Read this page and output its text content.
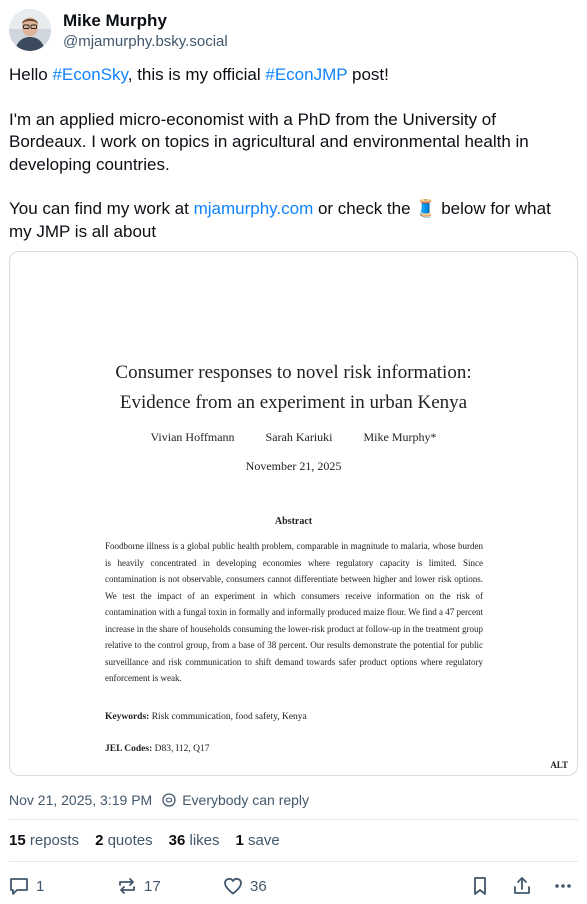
Mike Murphy
@mjamurphy.bsky.social

Hello #EconSky, this is my official #EconJMP post!

I'm an applied micro-economist with a PhD from the University of Bordeaux. I work on topics in agricultural and environmental health in developing countries.

You can find my work at mjamurphy.com or check the 🧵 below for what my JMP is all about

Consumer responses to novel risk information:
Evidence from an experiment in urban Kenya
Vivian Hoffmann	Sarah Kariuki	Mike Murphy*
November 21, 2025
Abstract
Foodborne illness is a global public health problem, comparable in magnitude to malaria, whose burden is heavily concentrated in developing economies where regulatory capacity is limited. Since contamination is not observable, consumers cannot differentiate between higher and lower risk options. We test the impact of an experiment in which consumers receive information on the risk of contamination with a fungal toxin in formally and informally produced maize flour. We find a 47 percent increase in the share of households consuming the lower-risk product at follow-up in the treatment group relative to the control group, from a base of 38 percent. Our results demonstrate the potential for public surveillance and risk communication to shift demand towards safer product options where regulatory enforcement is weak.
Keywords: Risk communication, food safety, Kenya
JEL Codes: D83, I12, Q17
ALT
Nov 21, 2025, 3:19 PM Everybody can reply
15 reposts 2 quotes 36 likes 1 save
1	17	36
